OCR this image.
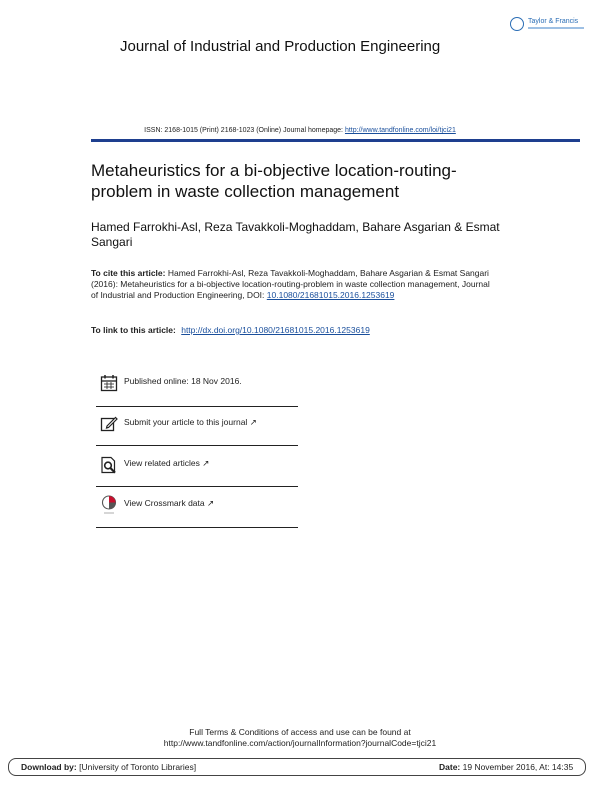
Taylor & Francis
Journal of Industrial and Production Engineering
ISSN: 2168-1015 (Print) 2168-1023 (Online) Journal homepage: http://www.tandfonline.com/loi/tjci21
Metaheuristics for a bi-objective location-routing-problem in waste collection management
Hamed Farrokhi-Asl, Reza Tavakkoli-Moghaddam, Bahare Asgarian & Esmat Sangari
To cite this article: Hamed Farrokhi-Asl, Reza Tavakkoli-Moghaddam, Bahare Asgarian & Esmat Sangari (2016): Metaheuristics for a bi-objective location-routing-problem in waste collection management, Journal of Industrial and Production Engineering, DOI: 10.1080/21681015.2016.1253619
To link to this article: http://dx.doi.org/10.1080/21681015.2016.1253619
Published online: 18 Nov 2016.
Submit your article to this journal ↗
View related articles ↗
View Crossmark data ↗
Full Terms & Conditions of access and use can be found at
http://www.tandfonline.com/action/journalInformation?journalCode=tjci21
Download by: [University of Toronto Libraries]	Date: 19 November 2016, At: 14:35
